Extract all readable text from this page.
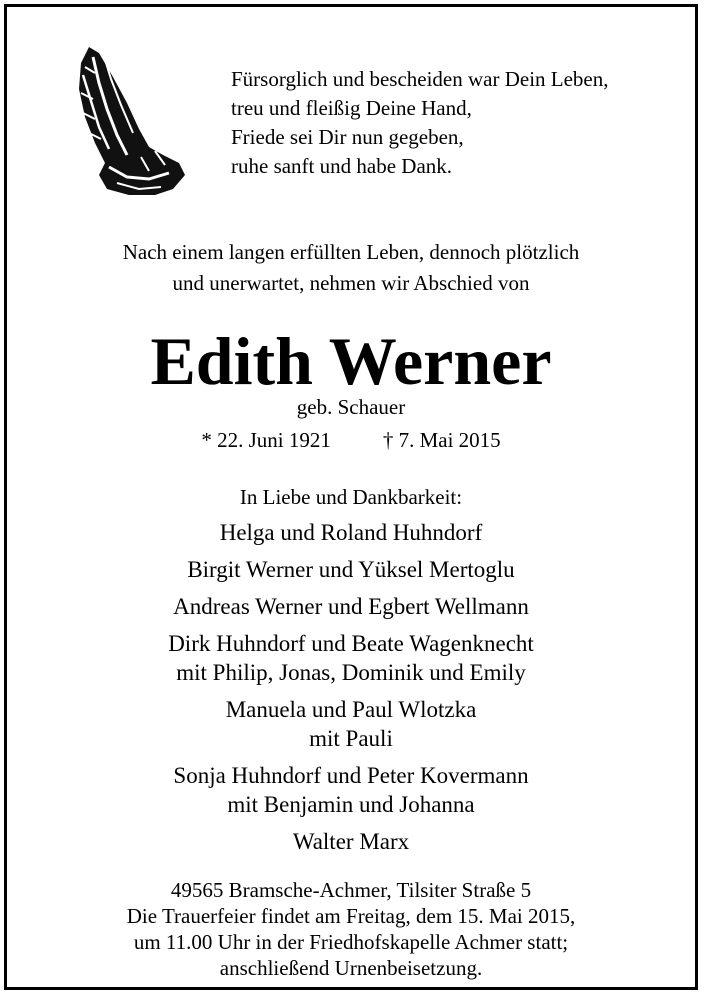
Fürsorglich und bescheiden war Dein Leben,
treu und fleißig Deine Hand,
Friede sei Dir nun gegeben,
ruhe sanft und habe Dank.
Nach einem langen erfüllten Leben, dennoch plötzlich
und unerwartet, nehmen wir Abschied von
Edith Werner
geb. Schauer
* 22. Juni 1921 † 7. Mai 2015
In Liebe und Dankbarkeit:
Helga und Roland Huhndorf
Birgit Werner und Yüksel Mertoglu
Andreas Werner und Egbert Wellmann
Dirk Huhndorf und Beate Wagenknecht
mit Philip, Jonas, Dominik und Emily
Manuela und Paul Wlotzka
mit Pauli
Sonja Huhndorf und Peter Kovermann
mit Benjamin und Johanna
Walter Marx
49565 Bramsche-Achmer, Tilsiter Straße 5
Die Trauerfeier findet am Freitag, dem 15. Mai 2015,
um 11.00 Uhr in der Friedhofskapelle Achmer statt;
anschließend Urnenbeisetzung.
